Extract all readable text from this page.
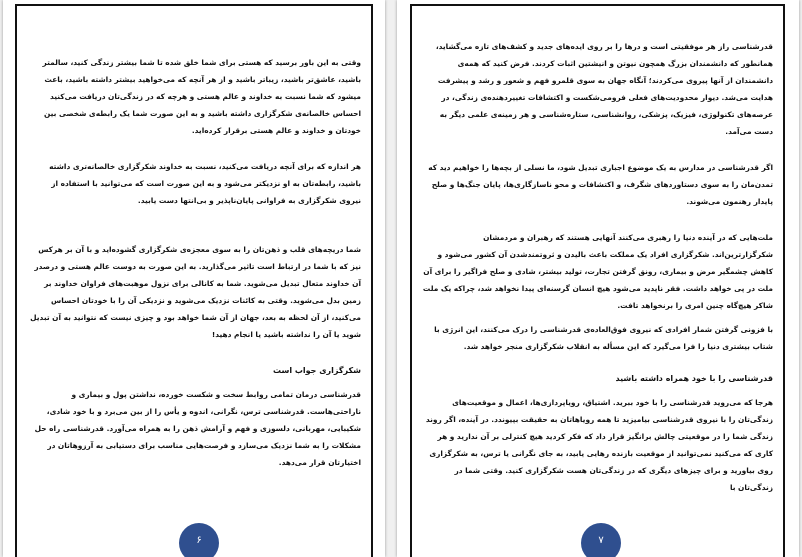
وقتی به این باور برسید که هستی برای شما خلق شده تا شما بیشتر زندگی کنید، سالمتر باشید، عاشق‌تر باشید، زیباتر باشید و از هر آنچه که می‌خواهید بیشتر داشته باشید، باعث میشود که شما نسبت به خداوند و عالم هستی و هرچه که در زندگی‌تان دریافت می‌کنید احساس خالصانه‌ی شکرگزاری داشته باشید و به این صورت شما یک رابطه‌ی شخصی بین خودتان و خداوند و عالم هستی برقرار کرده‌اید.

هر اندازه که برای آنچه دریافت می‌کنید، نسبت به خداوند شکرگزاری خالصانه‌تری داشته باشید، رابطه‌تان به او نزدیکتر می‌شود و به این صورت است که می‌توانید با استفاده از نیروی شکرگزاری به فراوانی پایان‌ناپذیر و بی‌انتها دست یابید.

شما دریچه‌های قلب و ذهن‌تان را به سوی معجزه‌ی شکرگزاری گشوده‌اید و با آن بر هرکس نیز که با شما در ارتباط است تاثیر می‌گذارید. به این صورت به دوست عالم هستی و درصدر آن خداوند متعال تبدیل می‌شوید. شما به کانالی برای نزول موهبت‌های فراوان خداوند بر زمین بدل می‌شوید. وقتی به کائنات نزدیک می‌شوید و نزدیکی آن را با خودتان احساس می‌کنید، از آن لحظه به بعد، جهان از آن شما خواهد بود و چیزی نیست که نتوانید به آن تبدیل شوید یا آن را نداشته باشید یا انجام دهید!

شکرگزاری جواب است

قدرشناسی درمان تمامی روابط سخت و شکست خورده، نداشتن پول و بیماری و ناراحتی‌هاست. قدرشناسی ترس، نگرانی، اندوه و یأس را از بین می‌برد و با خود شادی، شکیبایی، مهربانی، دلسوزی و فهم و آرامش ذهن را به همراه می‌آورد. قدرشناسی راه حل مشکلات را به شما نزدیک می‌سازد و فرصت‌هایی مناسب برای دستیابی به آرزوهاتان در اختیارتان قرار می‌دهد.

۶

قدرشناسی راز هر موفقیتی است و درها را بر روی ایده‌های جدید و کشف‌های تازه می‌گشاید، همانطور که دانشمندان بزرگ همچون نیوتن و انیشتین اثبات کردند. فرض کنید که همه‌ی دانشمندان از آنها پیروی می‌کردند؛ آنگاه جهان به سوی قلمرو فهم و شعور و رشد و پیشرفت هدایت می‌شد. دیوار محدودیت‌های فعلی فرومی‌شکست و اکتشافات تغییردهنده‌ی زندگی، در عرصه‌های تکنولوژی، فیزیک، پزشکی، روانشناسی، ستاره‌شناسی و هر زمینه‌ی علمی دیگر به دست می‌آمد.

اگر قدرشناسی در مدارس به یک موضوع اجباری تبدیل شود، ما نسلی از بچه‌ها را خواهیم دید که تمدن‌مان را به سوی دستاوردهای شگرف، و اکتشافات و محو ناسازگاری‌ها، پایان جنگ‌ها و صلح پایدار رهنمون می‌شوند.

ملت‌هایی که در آینده دنیا را رهبری می‌کنند آنهایی هستند که رهبران و مردمشان شکرگزارترین‌اند. شکرگزاری افراد یک مملکت باعث بالیدن و ثروتمندشدن آن کشور می‌شود و کاهش چشمگیر مرض و بیماری، رونق گرفتن تجارت، تولید بیشتر، شادی و صلح فراگیر را برای آن ملت در پی خواهد داشت. فقر ناپدید می‌شود هیچ انسان گرسنه‌ای پیدا نخواهد شد، چراکه یک ملت شاکر هیچ‌گاه چنین امری را برنخواهد تافت.

با فزونی گرفتن شمار افرادی که نیروی فوق‌العاده‌ی قدرشناسی را درک می‌کنند، این انرژی با شتاب بیشتری دنیا را فرا می‌گیرد که این مسأله به انقلاب شکرگزاری منجر خواهد شد.

قدرشناسی را با خود همراه داشته باشید

هرجا که می‌روید قدرشناسی را با خود ببرید. اشتیاق، رویاپردازی‌ها، اعمال و موقعیت‌های زندگی‌تان را با نیروی قدرشناسی بیامیزید تا همه رویاهاتان به حقیقت بپیوندد. در آینده، اگر روند زندگی شما را در موقعیتی چالش برانگیز قرار داد که فکر کردید هیچ کنترلی بر آن ندارید و هر کاری که می‌کنید نمی‌توانید از موقعیت بازنده رهایی یابید، به جای نگرانی یا ترس، به شکرگزاری روی بیاورید و برای چیزهای دیگری که در زندگی‌تان هست شکرگزاری کنید. وقتی شما در زندگی‌تان با

۷
